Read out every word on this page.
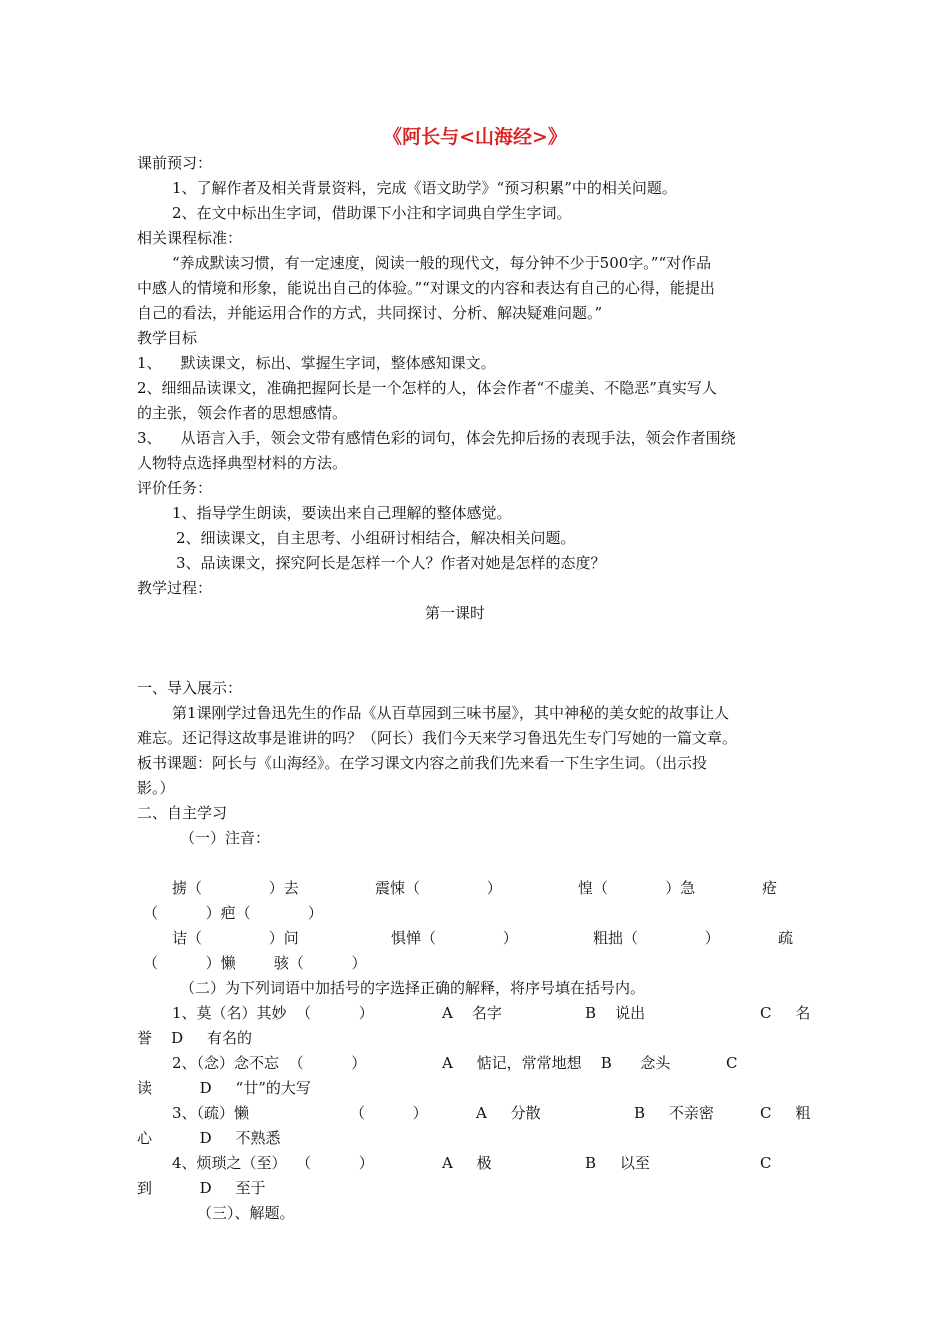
《阿长与<山海经>》
课前预习：
1、了解作者及相关背景资料，完成《语文助学》“预习积累”中的相关问题。
2、在文中标出生字词，借助课下小注和字词典自学生字词。
相关课程标准：
“养成默读习惯，有一定速度，阅读一般的现代文，每分钟不少于500字。”“对作品
中感人的情境和形象，能说出自己的体验。”“对课文的内容和表达有自己的心得，能提出
自己的看法，并能运用合作的方式，共同探讨、分析、解决疑难问题。”
教学目标
1、    默读课文，标出、掌握生字词，整体感知课文。
2、细细品读课文，准确把握阿长是一个怎样的人，体会作者“不虚美、不隐恶”真实写人
的主张，领会作者的思想感情。
3、    从语言入手，领会文带有感情色彩的词句，体会先抑后扬的表现手法，领会作者围绕
人物特点选择典型材料的方法。
评价任务：
1、指导学生朗读，要读出来自己理解的整体感觉。
2、细读课文，自主思考、小组研讨相结合，解决相关问题。
3、品读课文，探究阿长是怎样一个人？作者对她是怎样的态度？
教学过程：
第一课时
一、导入展示：
第1课刚学过鲁迅先生的作品《从百草园到三味书屋》，其中神秘的美女蛇的故事让人
难忘。还记得这故事是谁讲的吗？（阿长）我们今天来学习鲁迅先生专门写她的一篇文章。
板书课题：阿长与《山海经》。在学习课文内容之前我们先来看一下生字生词。（出示投
影。）
二、自主学习
（一）注音：
掳（              ）去	震悚（              ）	惶（            ）急	疮
（          ）疤（            ）
诘（              ）问	惧惮（              ）	粗拙（              ）	疏
（          ）懒        骇（          ）
（二）为下列词语中加括号的字选择正确的解释，将序号填在括号内。
1、莫（名）其妙  （          ）	A    名字	B    说出	C     名
誉    D     有名的
2、（念）念不忘  （          ）	A     惦记，常常地想    B      念头	C
读          D     “廿”的大写
3、（疏）懒	（          ）	A     分散	B     不亲密	C     粗
心          D     不熟悉
4、烦琐之（至）  （          ）	A     极	B     以至	C
到          D     至于
（三）、解题。
